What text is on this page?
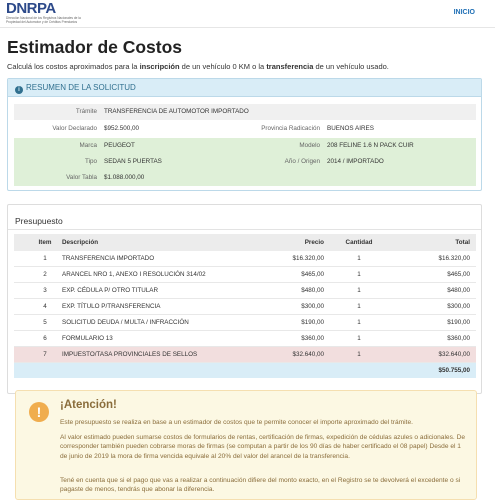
DNRPA
Dirección Nacional de los Registros Nacionales de la Propiedad del Automotor y de Créditos Prendarios
INICIO
Estimador de Costos

Calculá los costos aproximados para la inscripción de un vehículo 0 KM o la transferencia de un vehículo usado.

i RESUMEN DE LA SOLICITUD
Trámite TRANSFERENCIA DE AUTOMOTOR IMPORTADO
Valor Declarado $952.500,00	Provincia Radicación BUENOS AIRES
Marca PEUGEOT	Modelo 208 FELINE 1.6 N PACK CUIR
Tipo SEDAN 5 PUERTAS	Año / Origen 2014 / IMPORTADO
Valor Tabla $1.088.000,00
Presupuesto
Item	Descripción	Precio	Cantidad	Total
1	TRANSFERENCIA IMPORTADO	$16.320,00	1	$16.320,00
2	ARANCEL NRO 1, ANEXO I RESOLUCIÓN 314/02	$465,00	1	$465,00
3	EXP. CÉDULA P/ OTRO TITULAR	$480,00	1	$480,00
4	EXP. TÍTULO P/TRANSFERENCIA	$300,00	1	$300,00
5	SOLICITUD DEUDA / MULTA / INFRACCIÓN	$190,00	1	$190,00
6	FORMULARIO 13	$360,00	1	$360,00
7	IMPUESTO/TASA PROVINCIALES DE SELLOS	$32.640,00	1	$32.640,00
$50.755,00
!	¡Atención!

Este presupuesto se realiza en base a un estimador de costos que te permite conocer el importe aproximado del trámite.

Al valor estimado pueden sumarse costos de formularios de rentas, certificación de firmas, expedición de cédulas azules o adicionales. De corresponder también pueden cobrarse moras de firmas (se computan a partir de los 90 días de haber certificado el 08 papel) Desde el 1 de junio de 2019 la mora de firma vencida equivale al 20% del valor del arancel de la transferencia.

Tené en cuenta que si el pago que vas a realizar a continuación difiere del monto exacto, en el Registro se te devolverá el excedente o si pagaste de menos, tendrás que abonar la diferencia.
